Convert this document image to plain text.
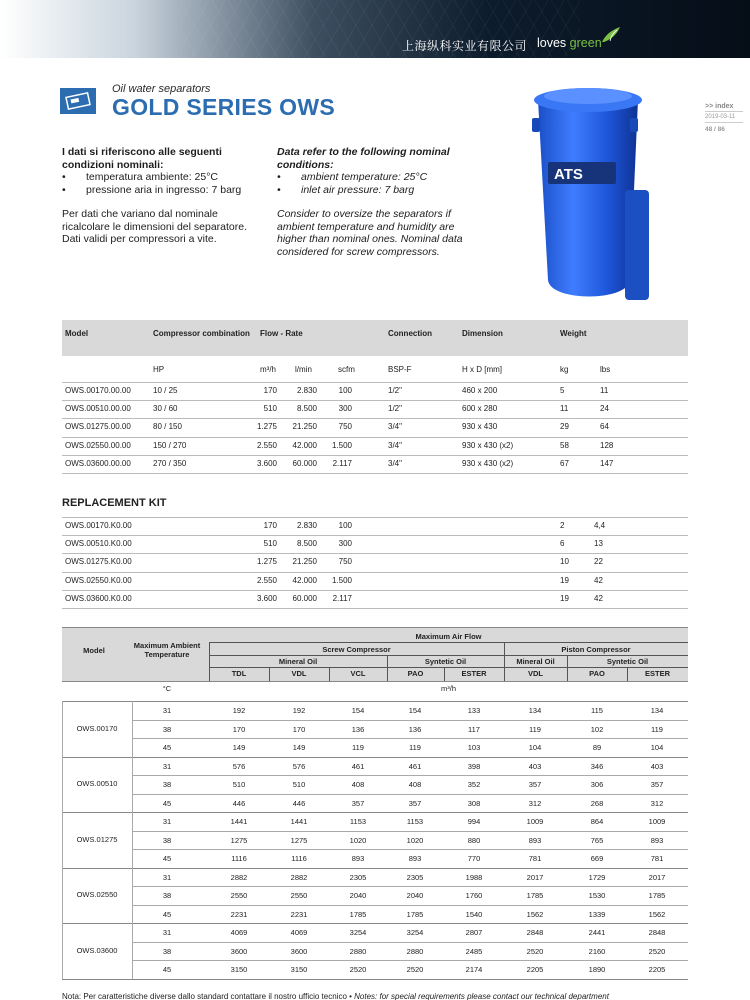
上海纵科实业有限公司 loves green
Oil water separators
GOLD SERIES OWS	>> index
2019-03-11
48 / 86
I dati si riferiscono alle seguenti condizioni nominali:
• temperatura ambiente: 25°C
• pressione aria in ingresso: 7 barg

Per dati che variano dal nominale ricalcolare le dimensioni del separatore. Dati validi per compressori a vite.

Data refer to the following nominal conditions:
• ambient temperature: 25°C
• inlet air pressure: 7 barg

Consider to oversize the separators if ambient temperature and humidity are higher than nominal ones. Nominal data considered for screw compressors.

ATS
Model	Compressor combination Flow - Rate	Connection	Dimension	Weight
HP	m³/h l/min	scfm	BSP-F	H x D [mm]	kg	lbs
OWS.00170.00.00	10 / 25	170	2.830	100	1/2"	460 x 200	5	11
OWS.00510.00.00	30 / 60	510	8.500	300	1/2"	600 x 280	11	24
OWS.01275.00.00	80 / 150	1.275	21.250	750	3/4"	930 x 430	29	64
OWS.02550.00.00	150 / 270	2.550	42.000	1.500	3/4"	930 x 430 (x2)	58	128
OWS.03600.00.00	270 / 350	3.600	60.000	2.117	3/4"	930 x 430 (x2)	67	147
REPLACEMENT KIT
OWS.00170.K0.00	170	2.830	100	2	4,4
OWS.00510.K0.00	510	8.500	300	6	13
OWS.01275.K0.00	1.275	21.250	750	10	22
OWS.02550.K0.00	2.550	42.000	1.500	19	42
OWS.03600.K0.00	3.600	60.000	2.117	19	42
Model
Maximum Ambient Temperature
Maximum Air Flow
Screw Compressor	Piston Compressor
Mineral Oil	Syntetic Oil	Mineral Oil	Syntetic Oil
TDL	VDL	VCL	PAO	ESTER	VDL	PAO	ESTER
°C	m³/h
OWS.00170
31	192	192	154	154	133	134	115	134
38	170	170	136	136	117	119	102	119
45	149	149	119	119	103	104	89	104
OWS.00510
31	576	576	461	461	398	403	346	403
38	510	510	408	408	352	357	306	357
45	446	446	357	357	308	312	268	312
OWS.01275
31	1441	1441	1153	1153	994	1009	864	1009
38	1275	1275	1020	1020	880	893	765	893
45	1116	1116	893	893	770	781	669	781
OWS.02550
31	2882	2882	2305	2305	1988	2017	1729	2017
38	2550	2550	2040	2040	1760	1785	1530	1785
45	2231	2231	1785	1785	1540	1562	1339	1562
OWS.03600
31	4069	4069	3254	3254	2807	2848	2441	2848
38	3600	3600	2880	2880	2485	2520	2160	2520
45	3150	3150	2520	2520	2174	2205	1890	2205
Nota: Per caratteristiche diverse dallo standard contattare il nostro ufficio tecnico • Notes: for special requirements please contact our technical department
